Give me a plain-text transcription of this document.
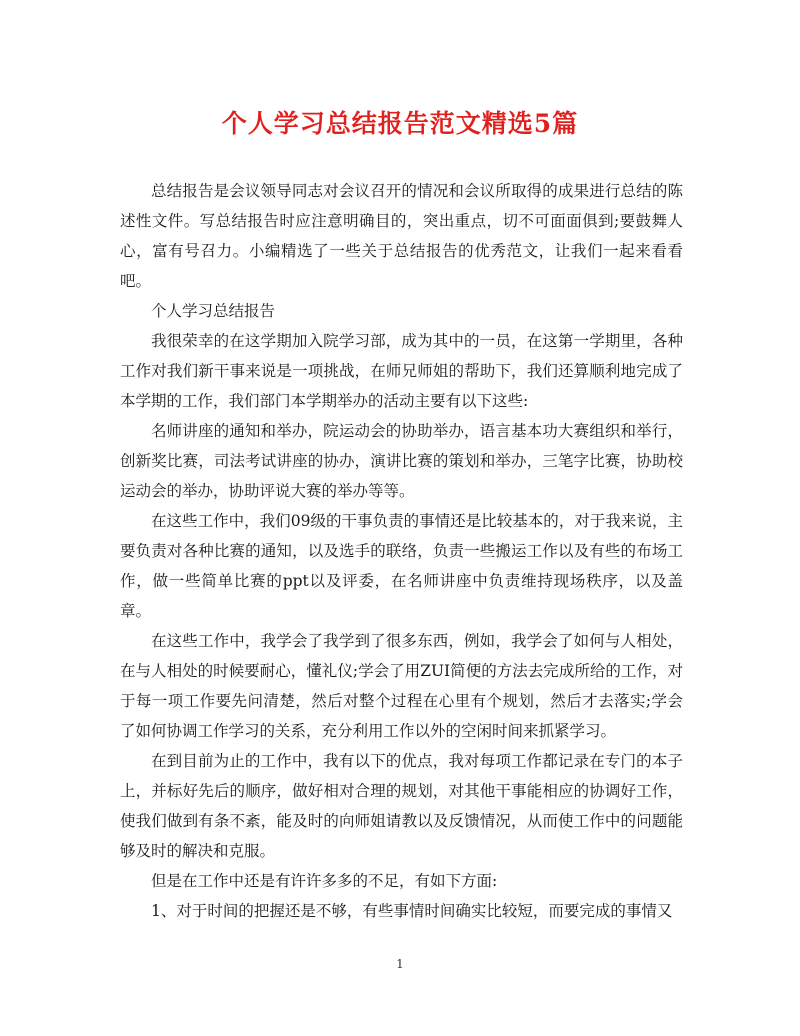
个人学习总结报告范文精选5篇

总结报告是会议领导同志对会议召开的情况和会议所取得的成果进行总结的陈述性文件。写总结报告时应注意明确目的，突出重点，切不可面面俱到;要鼓舞人心，富有号召力。小编精选了一些关于总结报告的优秀范文，让我们一起来看看吧。

个人学习总结报告

我很荣幸的在这学期加入院学习部，成为其中的一员，在这第一学期里，各种工作对我们新干事来说是一项挑战，在师兄师姐的帮助下，我们还算顺利地完成了本学期的工作，我们部门本学期举办的活动主要有以下这些:

名师讲座的通知和举办，院运动会的协助举办，语言基本功大赛组织和举行，创新奖比赛，司法考试讲座的协办，演讲比赛的策划和举办，三笔字比赛，协助校运动会的举办，协助评说大赛的举办等等。

在这些工作中，我们09级的干事负责的事情还是比较基本的，对于我来说，主要负责对各种比赛的通知，以及选手的联络，负责一些搬运工作以及有些的布场工作，做一些简单比赛的ppt以及评委，在名师讲座中负责维持现场秩序，以及盖章。

在这些工作中，我学会了我学到了很多东西，例如，我学会了如何与人相处，在与人相处的时候要耐心，懂礼仪;学会了用ZUI简便的方法去完成所给的工作，对于每一项工作要先问清楚，然后对整个过程在心里有个规划，然后才去落实;学会了如何协调工作学习的关系，充分利用工作以外的空闲时间来抓紧学习。

在到目前为止的工作中，我有以下的优点，我对每项工作都记录在专门的本子上，并标好先后的顺序，做好相对合理的规划，对其他干事能相应的协调好工作，使我们做到有条不紊，能及时的向师姐请教以及反馈情况，从而使工作中的问题能够及时的解决和克服。

但是在工作中还是有许许多多的不足，有如下方面:

1、对于时间的把握还是不够，有些事情时间确实比较短，而要完成的事情又

1
